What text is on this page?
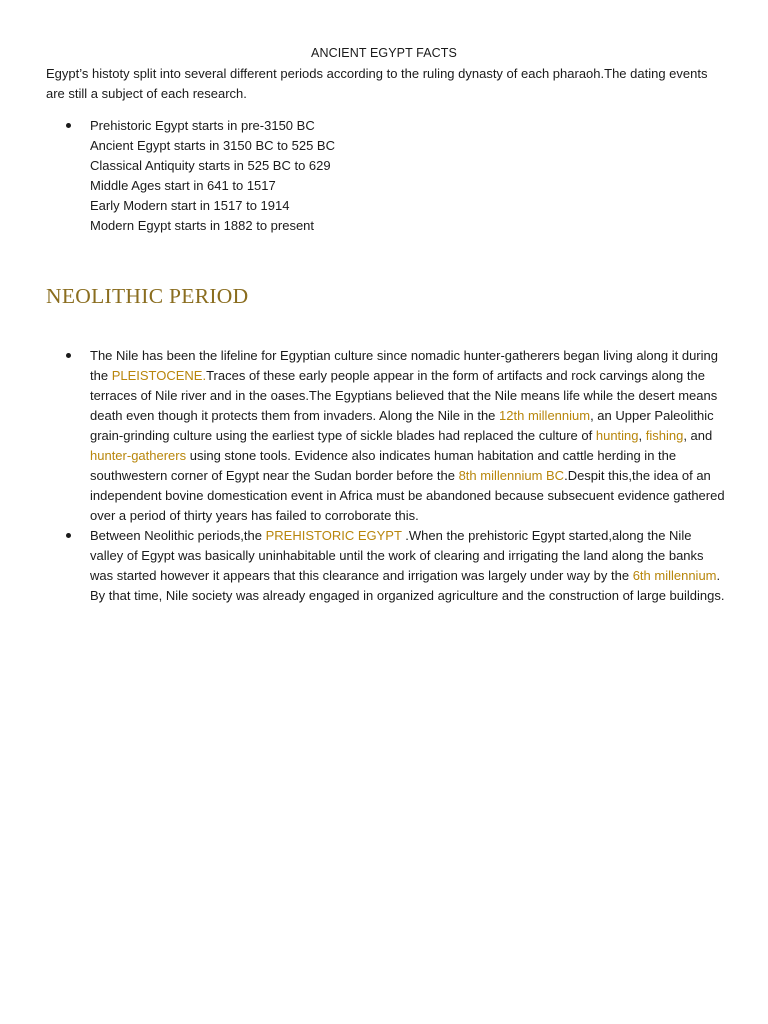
ANCIENT EGYPT FACTS

Egypt’s histoty split into several different periods according to the ruling dynasty of each pharaoh.The dating events are still a subject of each research.

Prehistoric Egypt starts in pre-3150 BC
Ancient Egypt starts in 3150 BC to 525 BC
Classical Antiquity starts in 525 BC to 629
Middle Ages start in 641 to 1517
Early Modern start in 1517 to 1914
Modern Egypt starts in 1882 to present
NEOLITHIC PERIOD

The Nile has been the lifeline for Egyptian culture since nomadic hunter-gatherers began living along it during the PLEISTOCENE.Traces of these early people appear in the form of artifacts and rock carvings along the terraces of Nile river and in the oases.The Egyptians believed that the Nile means life while the desert means death even though it protects them from invaders. Along the Nile in the 12th millennium, an Upper Paleolithic grain-grinding culture using the earliest type of sickle blades had replaced the culture of hunting, fishing, and hunter-gatherers using stone tools. Evidence also indicates human habitation and cattle herding in the southwestern corner of Egypt near the Sudan border before the 8th millennium BC.Despit this,the idea of an independent bovine domestication event in Africa must be abandoned because subsecuent evidence gathered over a period of thirty years has failed to corroborate this.

Between Neolithic periods,the PREHISTORIC EGYPT .When the prehistoric Egypt started,along the Nile valley of Egypt was basically uninhabitable until the work of clearing and irrigating the land along the banks was started however it appears that this clearance and irrigation was largely under way by the 6th millennium. By that time, Nile society was already engaged in organized agriculture and the construction of large buildings.
